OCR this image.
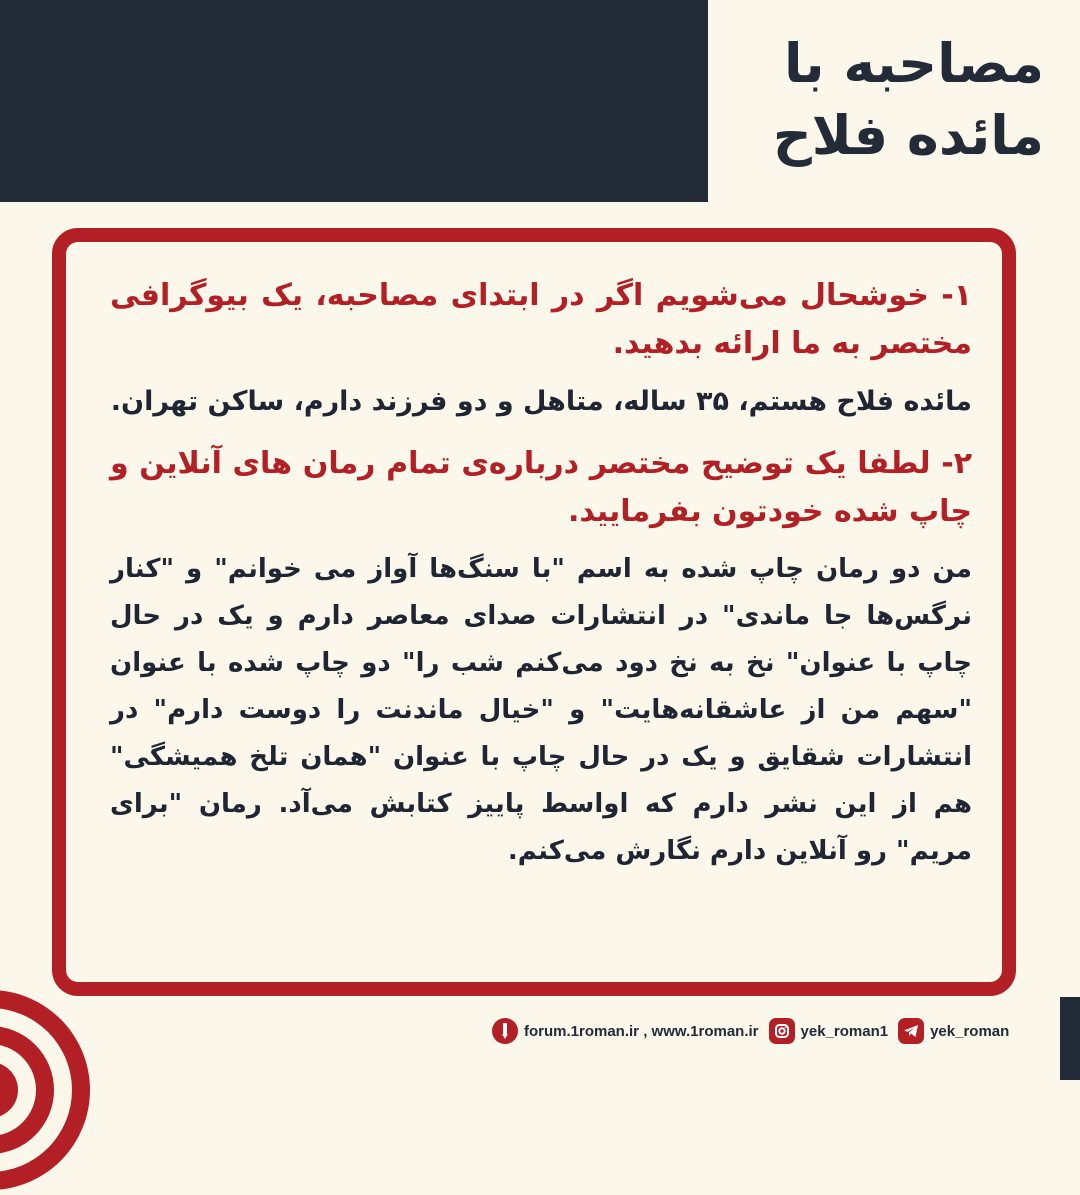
مصاحبه با
مائده فلاح

۱- خوشحال می‌شویم اگر در ابتدای مصاحبه، یک بیوگرافی مختصر به ما ارائه بدهید.

مائده فلاح هستم، ۳۵ ساله، متاهل و دو فرزند دارم، ساکن تهران.

۲- لطفا یک توضیح مختصر درباره‌ی تمام رمان های آنلاین و چاپ شده خودتون بفرمایید.

من دو رمان چاپ شده به اسم "با سنگ‌ها آواز می خوانم" و "کنار نرگس‌ها جا ماندی" در انتشارات صدای معاصر دارم و یک در حال چاپ با عنوان" نخ به نخ دود می‌کنم شب را" دو چاپ شده با عنوان "سهم من از عاشقانه‌هایت" و "خیال ماندنت را دوست دارم" در انتشارات شقایق و یک در حال چاپ با عنوان "همان تلخ همیشگی" هم از این نشر دارم که اواسط پاییز کتابش می‌آد. رمان "برای مریم" رو آنلاین دارم نگارش می‌کنم.

forum.1roman.ir , www.1roman.ir	yek_roman1	yek_roman
